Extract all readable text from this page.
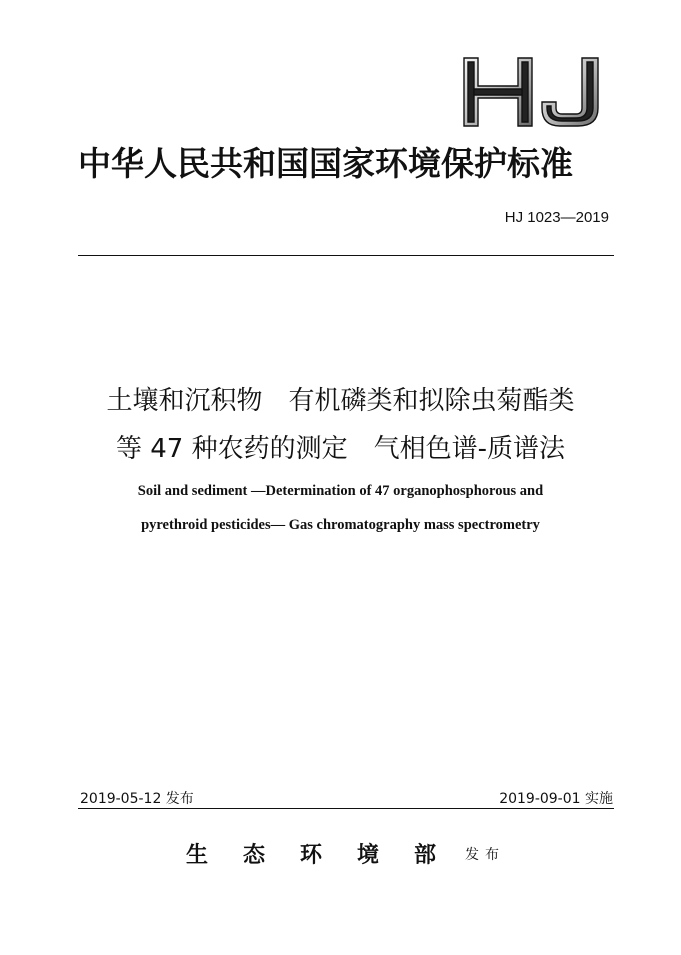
中华人民共和国国家环境保护标准
HJ 1023—2019
土壤和沉积物　有机磷类和拟除虫菊酯类
等 47 种农药的测定　气相色谱-质谱法
Soil and sediment —Determination of 47 organophosphorous and
pyrethroid pesticides— Gas chromatography mass spectrometry
2019-05-12 发布	2019-09-01 实施
生态环境部
发布
